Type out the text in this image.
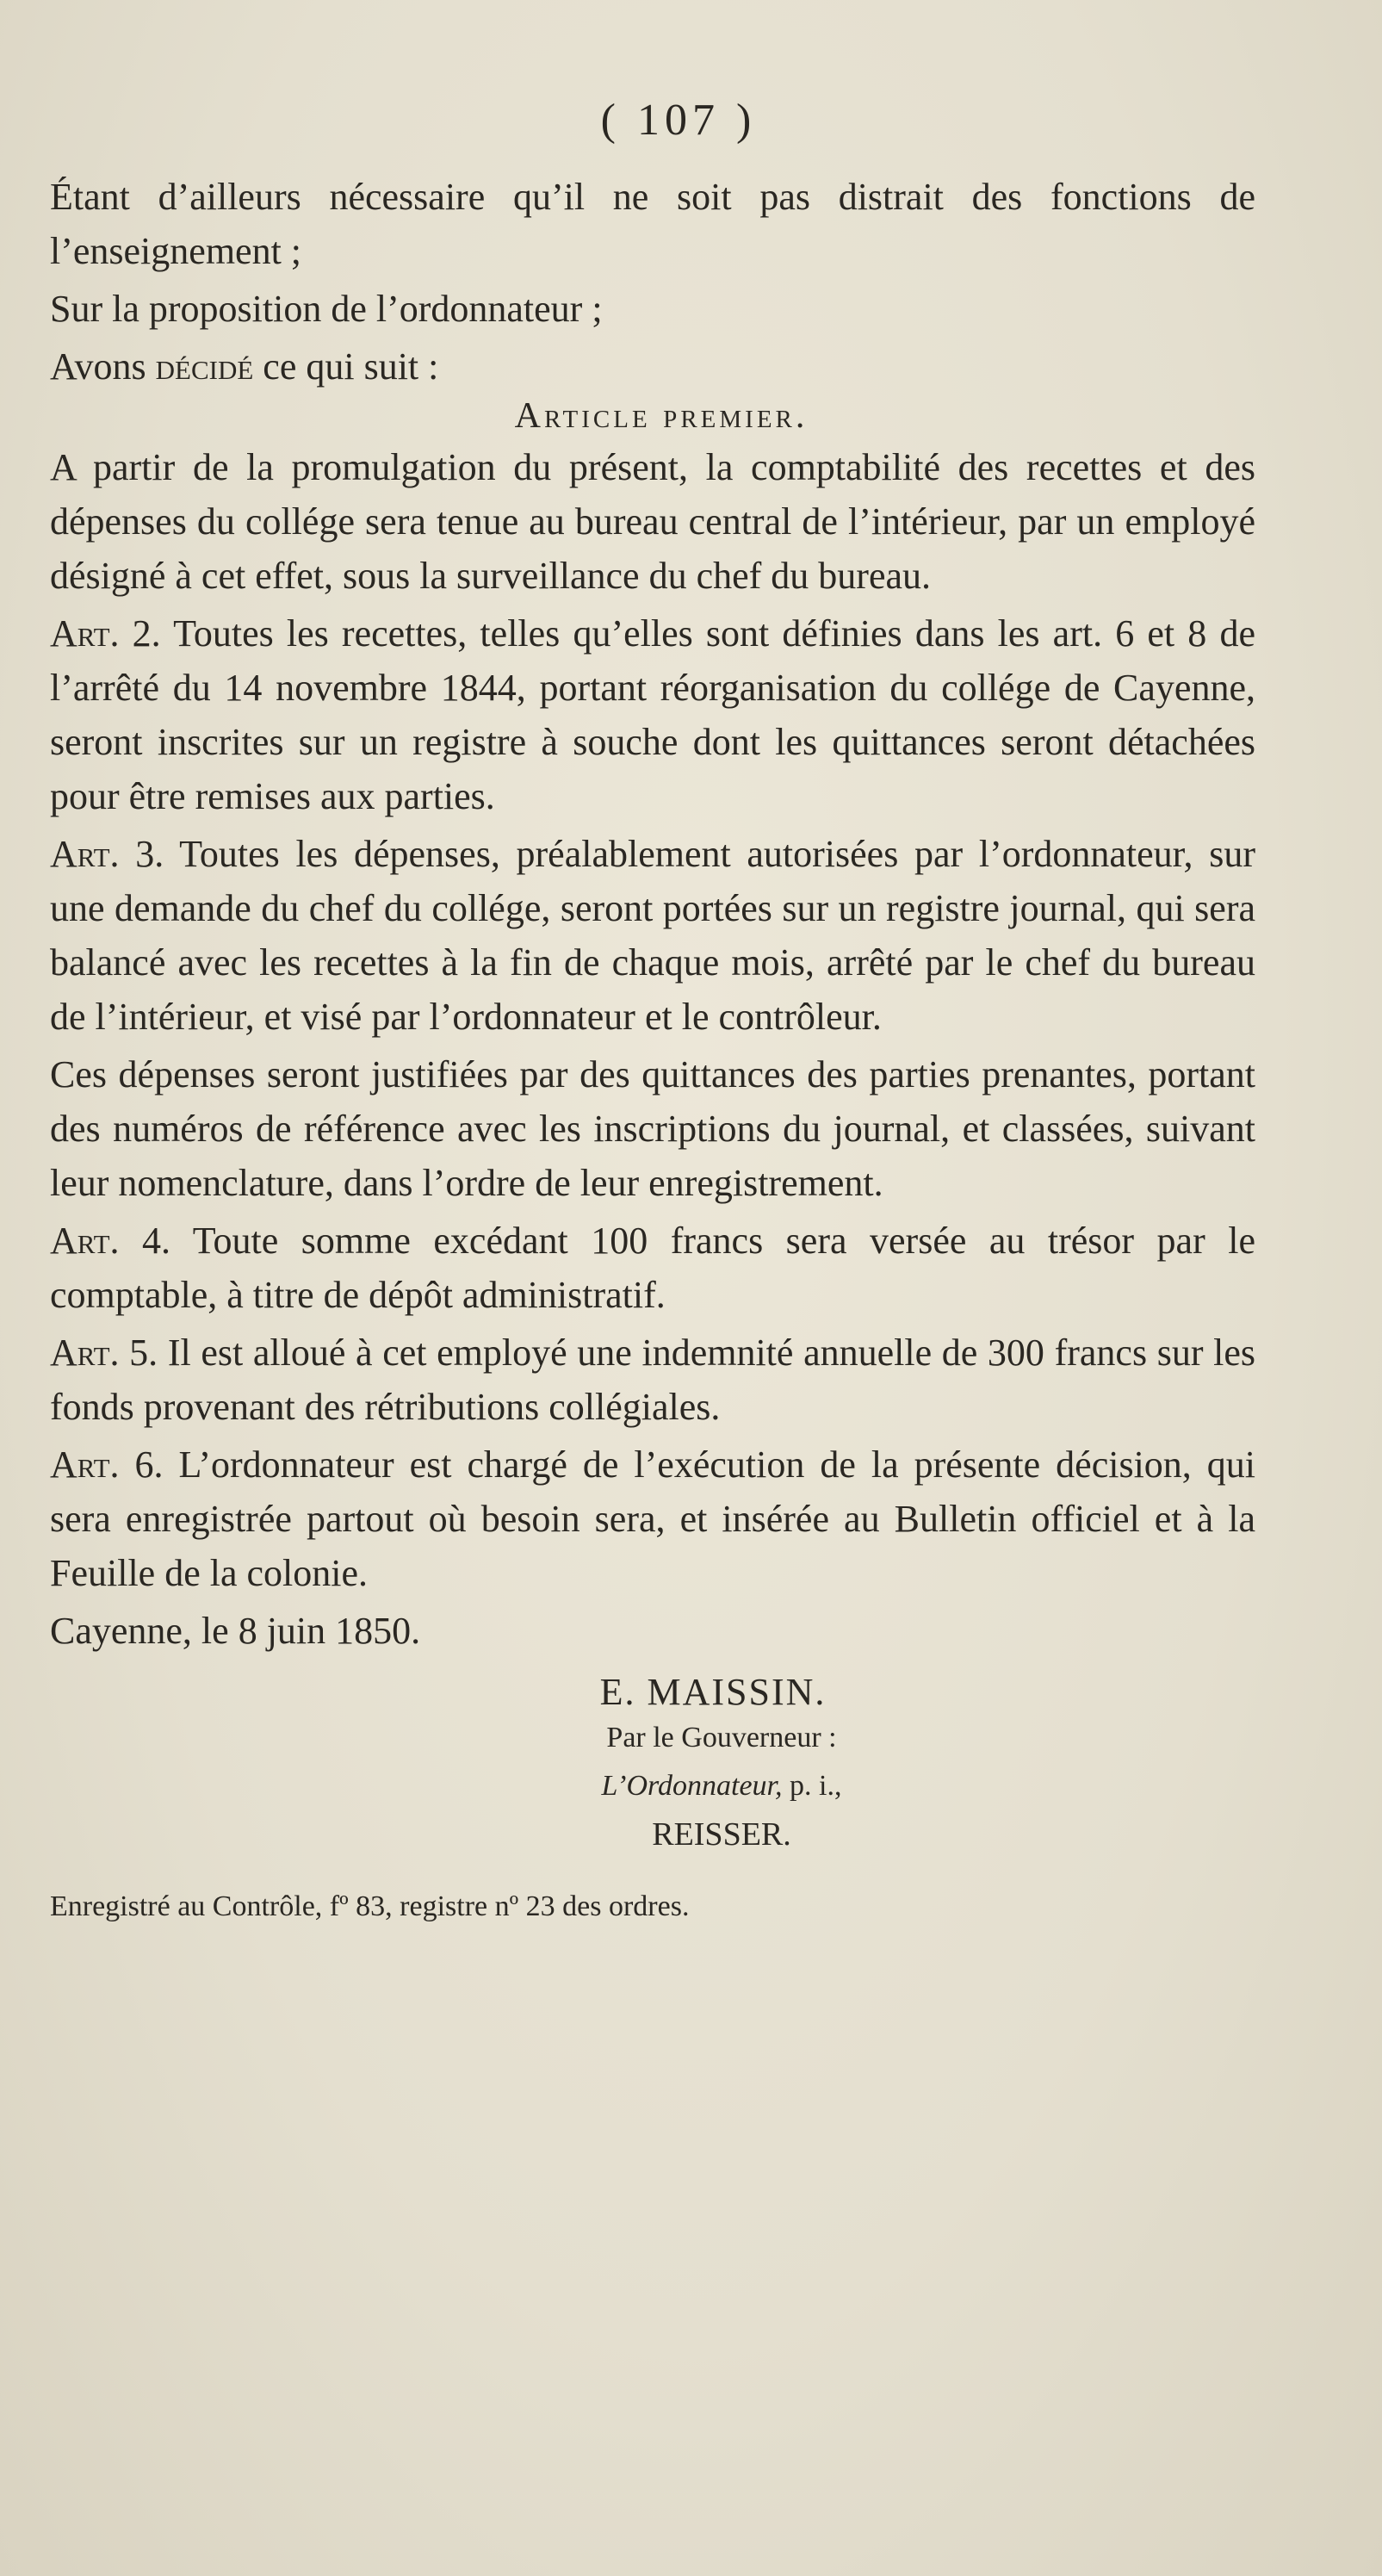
( 107 )

Étant d’ailleurs nécessaire qu’il ne soit pas distrait des fonctions de l’enseignement ;

Sur la proposition de l’ordonnateur ;

Avons décidé ce qui suit :

Article premier.

A partir de la promulgation du présent, la comptabilité des recettes et des dépenses du collége sera tenue au bureau central de l’intérieur, par un employé désigné à cet effet, sous la surveillance du chef du bureau.

Art. 2. Toutes les recettes, telles qu’elles sont définies dans les art. 6 et 8 de l’arrêté du 14 novembre 1844, portant réorganisation du collége de Cayenne, seront inscrites sur un registre à souche dont les quittances seront détachées pour être remises aux parties.

Art. 3. Toutes les dépenses, préalablement autorisées par l’ordonnateur, sur une demande du chef du collége, seront portées sur un registre journal, qui sera balancé avec les recettes à la fin de chaque mois, arrêté par le chef du bureau de l’intérieur, et visé par l’ordonnateur et le contrôleur.

Ces dépenses seront justifiées par des quittances des parties prenantes, portant des numéros de référence avec les inscriptions du journal, et classées, suivant leur nomenclature, dans l’ordre de leur enregistrement.

Art. 4. Toute somme excédant 100 francs sera versée au trésor par le comptable, à titre de dépôt administratif.

Art. 5. Il est alloué à cet employé une indemnité annuelle de 300 francs sur les fonds provenant des rétributions collégiales.

Art. 6. L’ordonnateur est chargé de l’exécution de la présente décision, qui sera enregistrée partout où besoin sera, et insérée au Bulletin officiel et à la Feuille de la colonie.

Cayenne, le 8 juin 1850.

E. MAISSIN.
Par le Gouverneur :
L’Ordonnateur, p. i.,
REISSER.
Enregistré au Contrôle, fº 83, registre nº 23 des ordres.
